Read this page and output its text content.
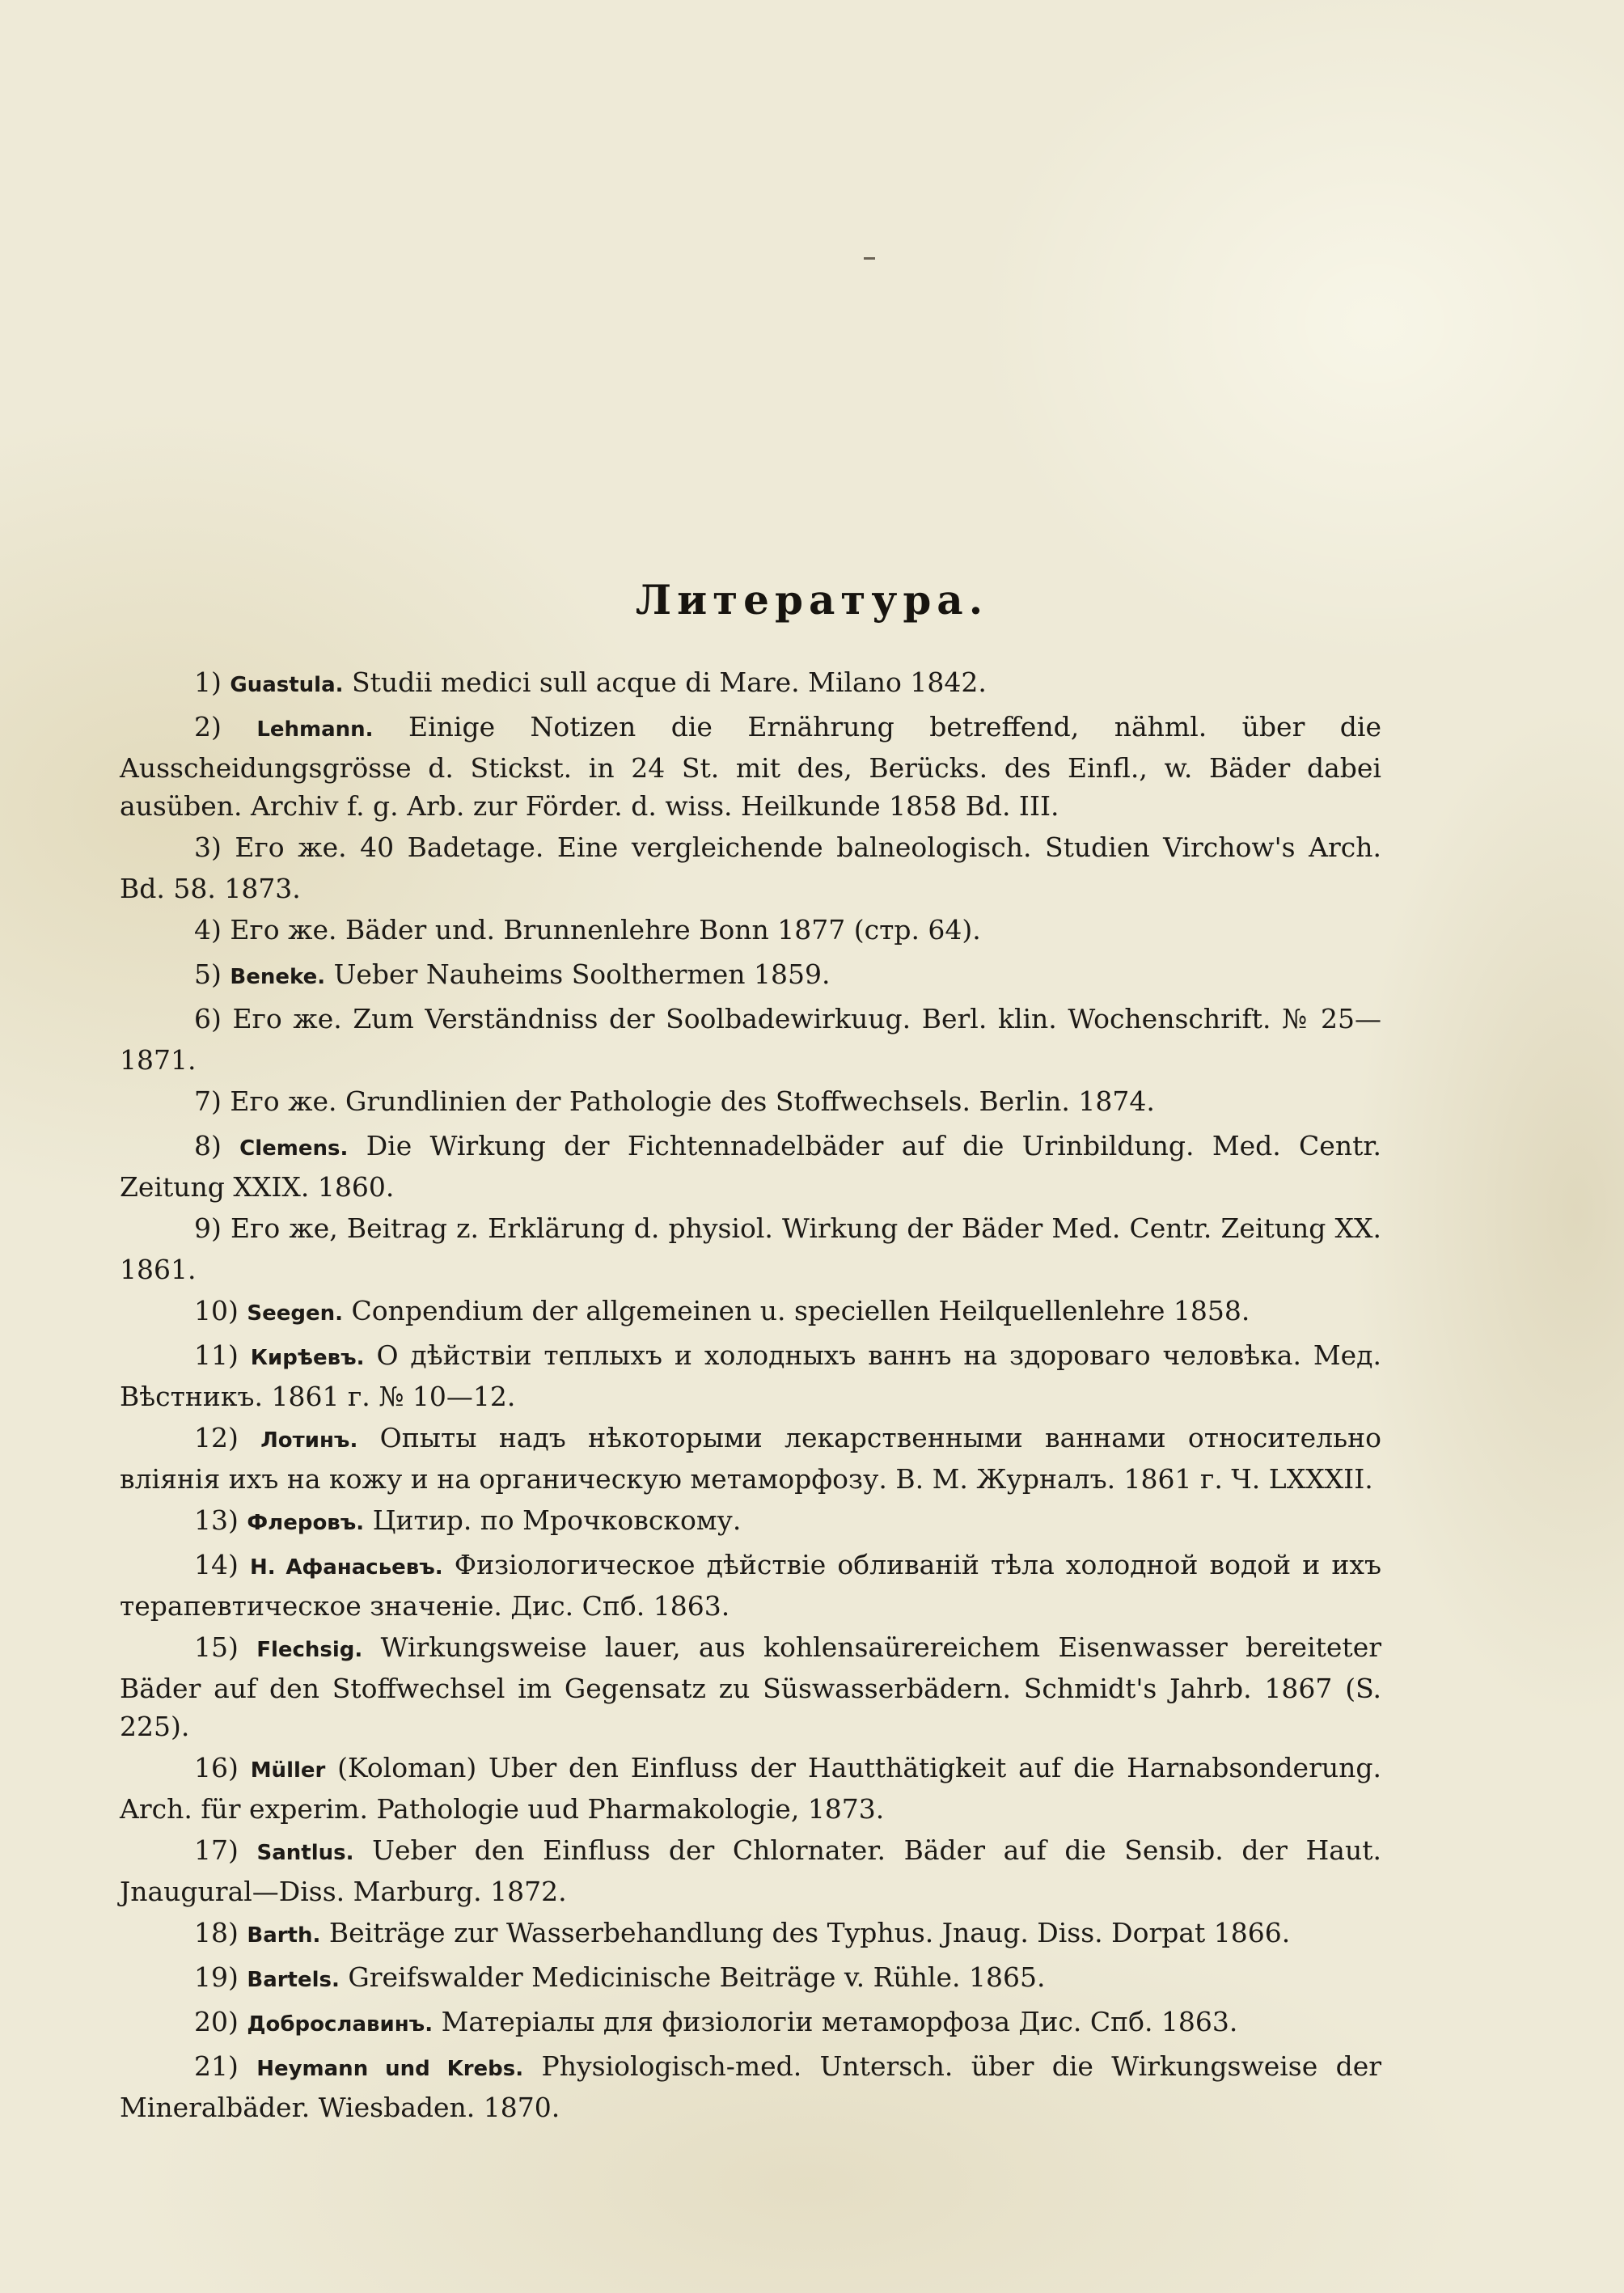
Литература.

1) Guastula. Studii medici sull acque di Mare. Milano 1842.

2) Lehmann. Einige Notizen die Ernährung betreffend, nähml. über die Ausscheidungsgrösse d. Stickst. in 24 St. mit des, Berücks. des Einfl., w. Bäder dabei ausüben. Archiv f. g. Arb. zur Förder. d. wiss. Heilkunde 1858 Bd. III.

3) Его же. 40 Badetage. Eine vergleichende balneologisch. Studien Virchow's Arch. Bd. 58. 1873.

4) Его же. Bäder und. Brunnenlehre Bonn 1877 (стр. 64).

5) Beneke. Ueber Nauheims Soolthermen 1859.

6) Его же. Zum Verständniss der Soolbadewirkuug. Berl. klin. Wochenschrift. № 25—1871.

7) Его же. Grundlinien der Pathologie des Stoffwechsels. Berlin. 1874.

8) Clemens. Die Wirkung der Fichtennadelbäder auf die Urinbildung. Med. Centr. Zeitung XXIX. 1860.

9) Его же, Beitrag z. Erklärung d. physiol. Wirkung der Bäder Med. Centr. Zeitung XX. 1861.

10) Seegen. Conpendium der allgemeinen u. speciellen Heilquellenlehre 1858.

11) Кирѣевъ. О дѣйствіи теплыхъ и холодныхъ ваннъ на здороваго человѣка. Мед. Вѣстникъ. 1861 г. № 10—12.

12) Лотинъ. Опыты надъ нѣкоторыми лекарственными ваннами относительно вліянія ихъ на кожу и на органическую метаморфозу. В. М. Журналъ. 1861 г. Ч. LXXXII.

13) Флеровъ. Цитир. по Мрочковскому.

14) Н. Афанасьевъ. Физіологическое дѣйствіе обливаній тѣла холодной водой и ихъ терапевтическое значеніе. Дис. Спб. 1863.

15) Flechsig. Wirkungsweise lauer, aus kohlensaürereichem Eisenwasser bereiteter Bäder auf den Stoffwechsel im Gegensatz zu Süswasserbädern. Schmidt's Jahrb. 1867 (S. 225).

16) Müller (Koloman) Uber den Einfluss der Hautthätigkeit auf die Harnabsonderung. Arch. für experim. Pathologie uud Pharmakologie, 1873.

17) Santlus. Ueber den Einfluss der Chlornater. Bäder auf die Sensib. der Haut. Jnaugural—Diss. Marburg. 1872.

18) Barth. Beiträge zur Wasserbehandlung des Typhus. Jnaug. Diss. Dorpat 1866.

19) Bartels. Greifswalder Medicinische Beiträge v. Rühle. 1865.

20) Доброславинъ. Матеріалы для физіологіи метаморфоза Дис. Спб. 1863.

21) Heymann und Krebs. Physiologisch-med. Untersch. über die Wirkungsweise der Mineralbäder. Wiesbaden. 1870.
